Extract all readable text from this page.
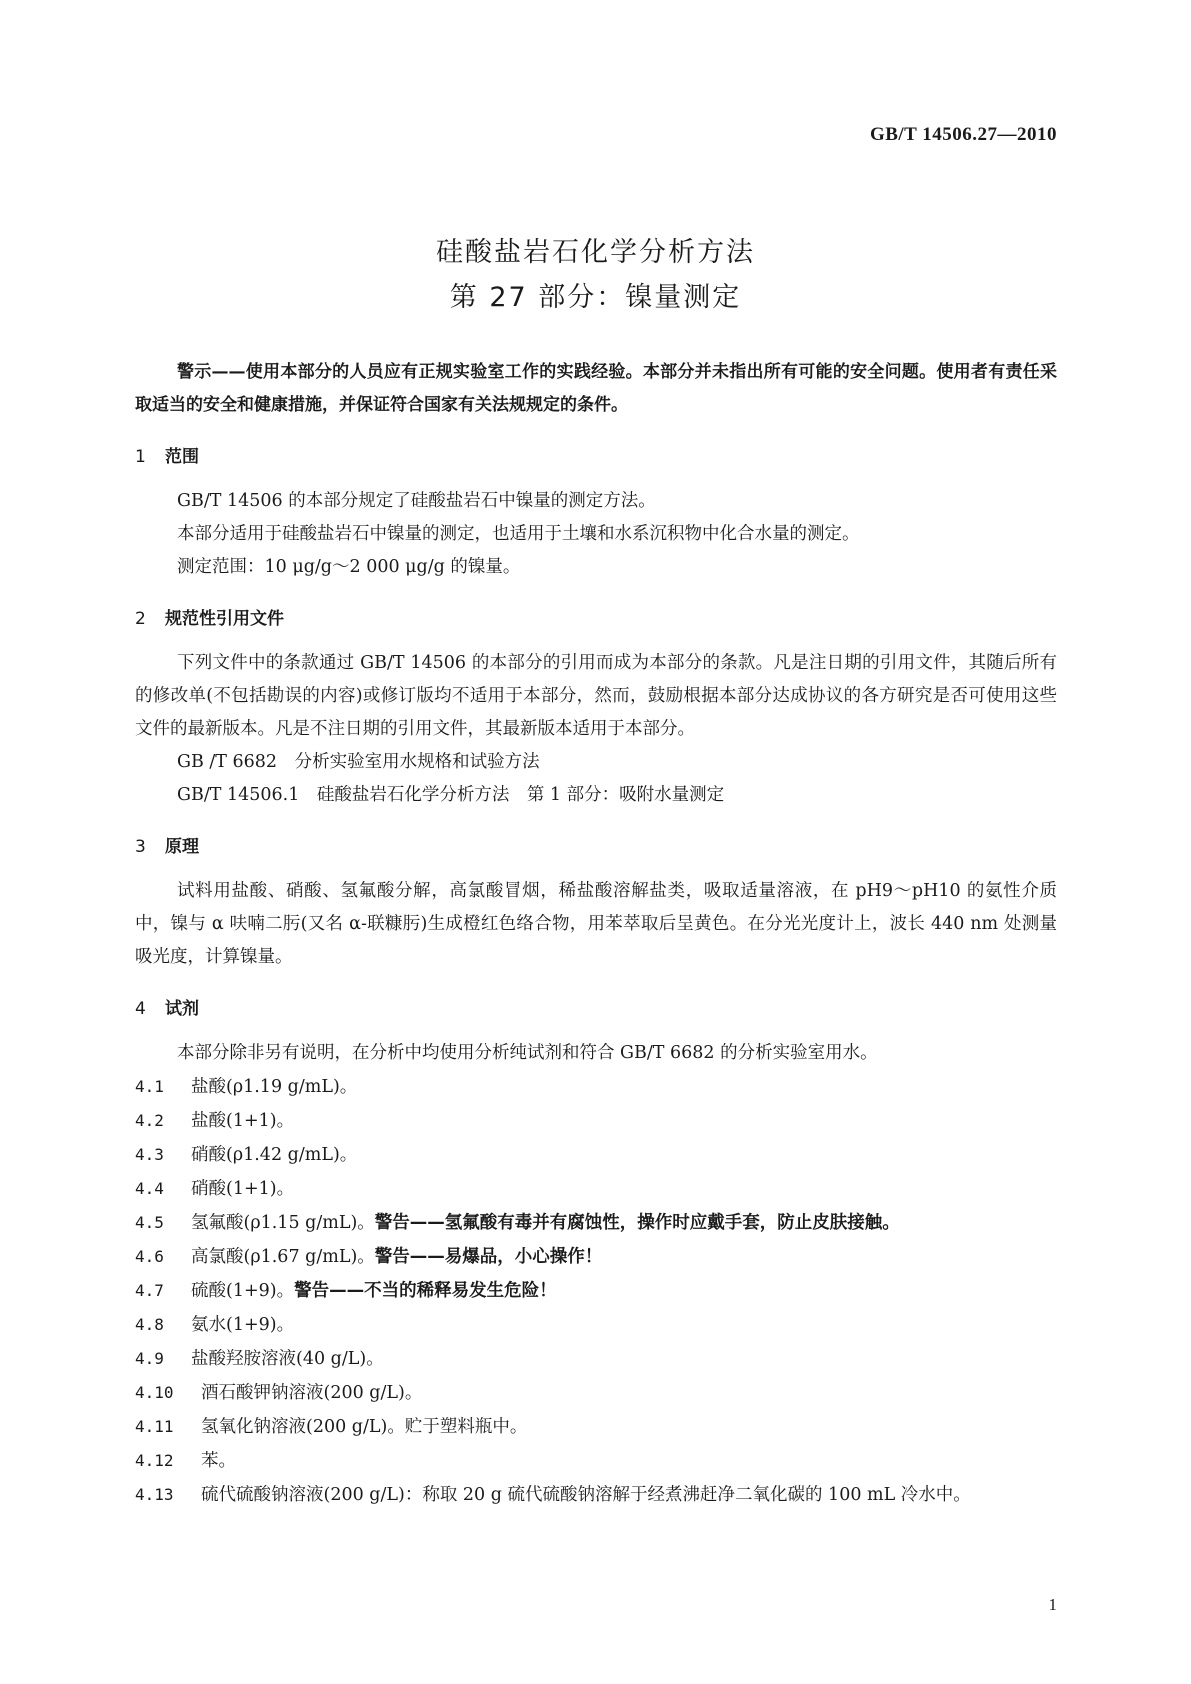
GB/T 14506.27—2010
硅酸盐岩石化学分析方法
第 27 部分：镍量测定

警示——使用本部分的人员应有正规实验室工作的实践经验。本部分并未指出所有可能的安全问题。使用者有责任采取适当的安全和健康措施，并保证符合国家有关法规规定的条件。

1 范围

GB/T 14506 的本部分规定了硅酸盐岩石中镍量的测定方法。

本部分适用于硅酸盐岩石中镍量的测定，也适用于土壤和水系沉积物中化合水量的测定。

测定范围：10 μg/g～2 000 μg/g 的镍量。

2 规范性引用文件

下列文件中的条款通过 GB/T 14506 的本部分的引用而成为本部分的条款。凡是注日期的引用文件，其随后所有的修改单(不包括勘误的内容)或修订版均不适用于本部分，然而，鼓励根据本部分达成协议的各方研究是否可使用这些文件的最新版本。凡是不注日期的引用文件，其最新版本适用于本部分。

GB /T 6682　分析实验室用水规格和试验方法

GB/T 14506.1　硅酸盐岩石化学分析方法　第 1 部分：吸附水量测定

3 原理

试料用盐酸、硝酸、氢氟酸分解，高氯酸冒烟，稀盐酸溶解盐类，吸取适量溶液，在 pH9～pH10 的氨性介质中，镍与 α 呋喃二肟(又名 α-联糠肟)生成橙红色络合物，用苯萃取后呈黄色。在分光光度计上，波长 440 nm 处测量吸光度，计算镍量。

4 试剂

本部分除非另有说明，在分析中均使用分析纯试剂和符合 GB/T 6682 的分析实验室用水。

4.1 盐酸(ρ1.19 g/mL)。

4.2 盐酸(1+1)。

4.3 硝酸(ρ1.42 g/mL)。

4.4 硝酸(1+1)。

4.5 氢氟酸(ρ1.15 g/mL)。警告——氢氟酸有毒并有腐蚀性，操作时应戴手套，防止皮肤接触。

4.6 高氯酸(ρ1.67 g/mL)。警告——易爆品，小心操作！

4.7 硫酸(1+9)。警告——不当的稀释易发生危险！

4.8 氨水(1+9)。

4.9 盐酸羟胺溶液(40 g/L)。

4.10 酒石酸钾钠溶液(200 g/L)。

4.11 氢氧化钠溶液(200 g/L)。贮于塑料瓶中。

4.12 苯。

4.13 硫代硫酸钠溶液(200 g/L)：称取 20 g 硫代硫酸钠溶解于经煮沸赶净二氧化碳的 100 mL 冷水中。

1
